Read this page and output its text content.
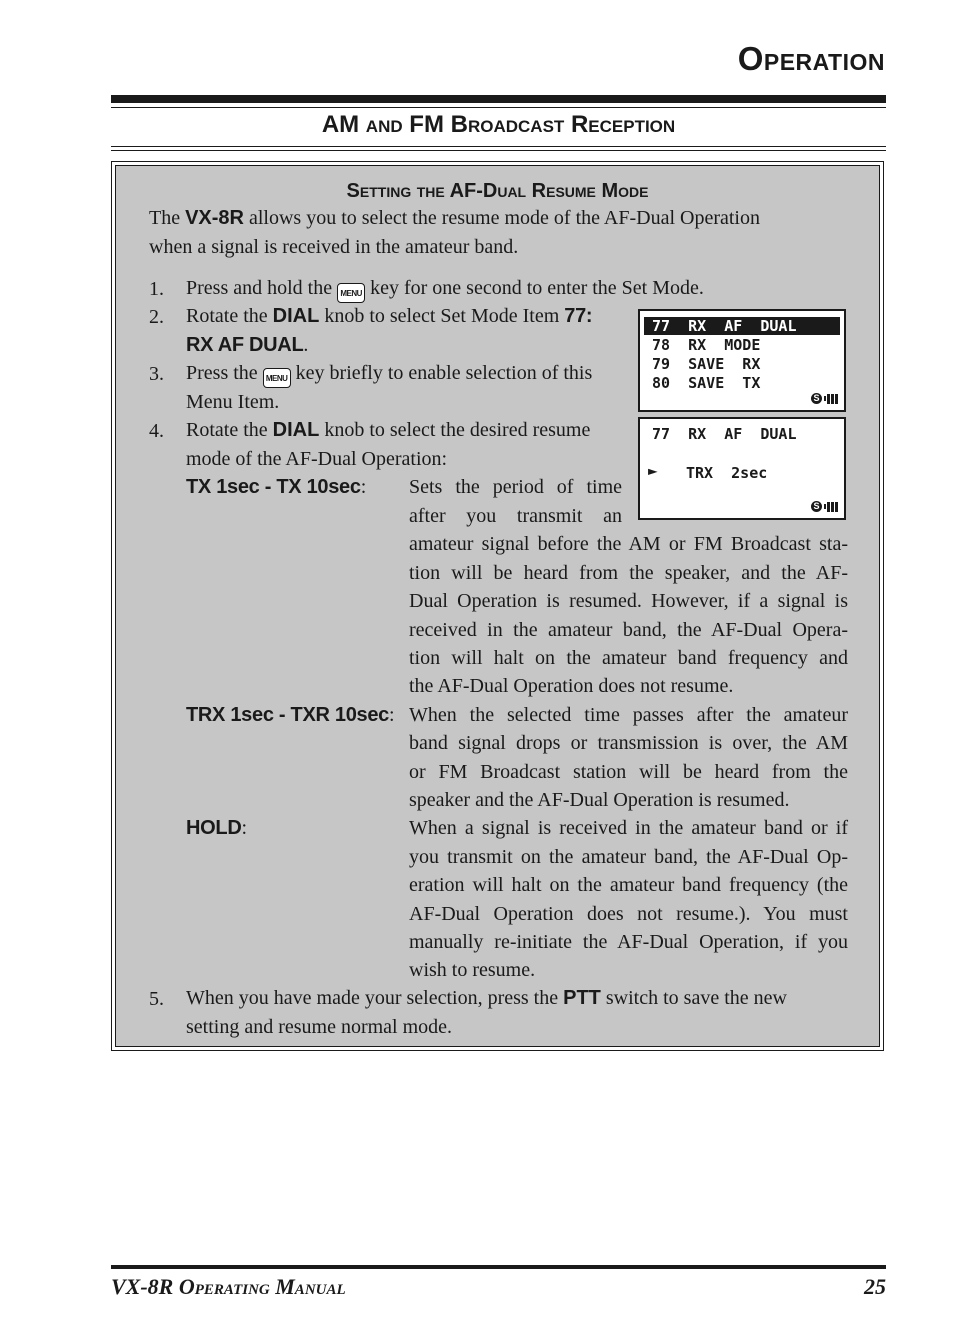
Operation
AM and FM Broadcast Reception
Setting the AF-Dual Resume Mode
The VX-8R allows you to select the resume mode of the AF-Dual Operation
when a signal is received in the amateur band.
1. Press and hold the MENU key for one second to enter the Set Mode.
2. Rotate the DIAL knob to select Set Mode Item 77:
RX AF DUAL.
3. Press the MENU key briefly to enable selection of this
Menu Item.
4. Rotate the DIAL knob to select the desired resume
mode of the AF-Dual Operation:
TX 1sec - TX 10sec: Sets the period of time
after you transmit an
amateur signal before the AM or FM Broadcast sta-
tion will be heard from the speaker, and the AF-
Dual Operation is resumed. However, if a signal is
received in the amateur band, the AF-Dual Opera-
tion will halt on the amateur band frequency and
the AF-Dual Operation does not resume.
TRX 1sec - TXR 10sec: When the selected time passes after the amateur
band signal drops or transmission is over, the AM
or FM Broadcast station will be heard from the
speaker and the AF-Dual Operation is resumed.
HOLD:	When a signal is received in the amateur band or if
you transmit on the amateur band, the AF-Dual Op-
eration will halt on the amateur band frequency (the
AF-Dual Operation does not resume.). You must
manually re-initiate the AF-Dual Operation, if you
wish to resume.
5. When you have made your selection, press the PTT switch to save the new
setting and resume normal mode.
77  RX  AF  DUAL
78  RX  MODE
79  SAVE  RX
80  SAVE  TX
S
77  RX  AF  DUAL
► TRX  2sec
S
VX-8R Operating Manual	25
